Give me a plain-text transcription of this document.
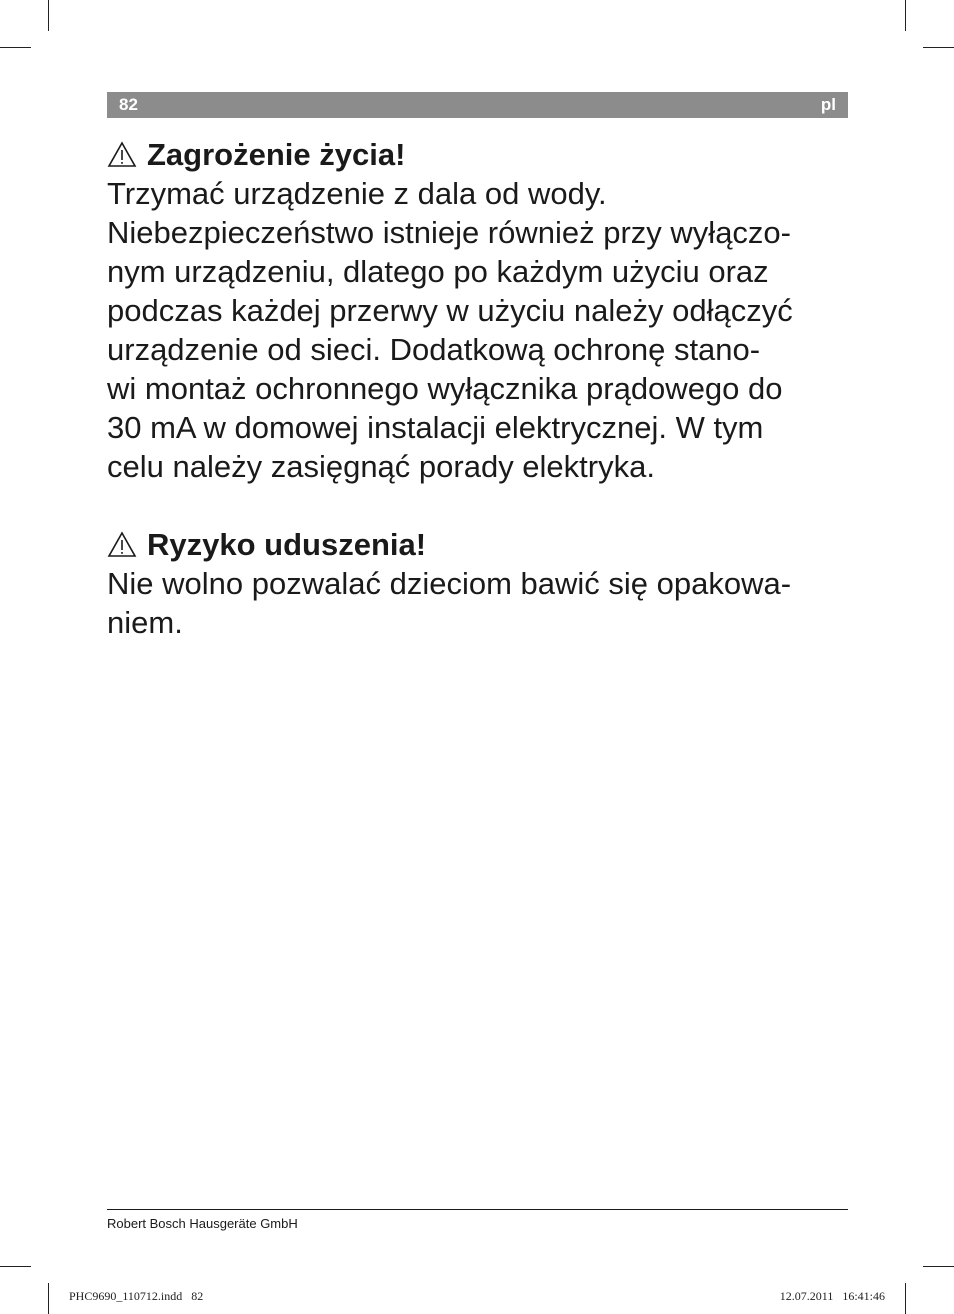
82	pl
Zagrożenie życia!

Trzymać urządzenie z dala od wody.

Niebezpieczeństwo istnieje również przy wyłączo-

nym urządzeniu, dlatego po każdym użyciu oraz

podczas każdej przerwy w użyciu należy odłączyć

urządzenie od sieci. Dodatkową ochronę stano-

wi montaż ochronnego wyłącznika prądowego do

30 mA w domowej instalacji elektrycznej. W tym

celu należy zasięgnąć porady elektryka.

Ryzyko uduszenia!

Nie wolno pozwalać dzieciom bawić się opakowa-

niem.

Robert Bosch Hausgeräte GmbH
PHC9690_110712.indd   82	12.07.2011   16:41:46
